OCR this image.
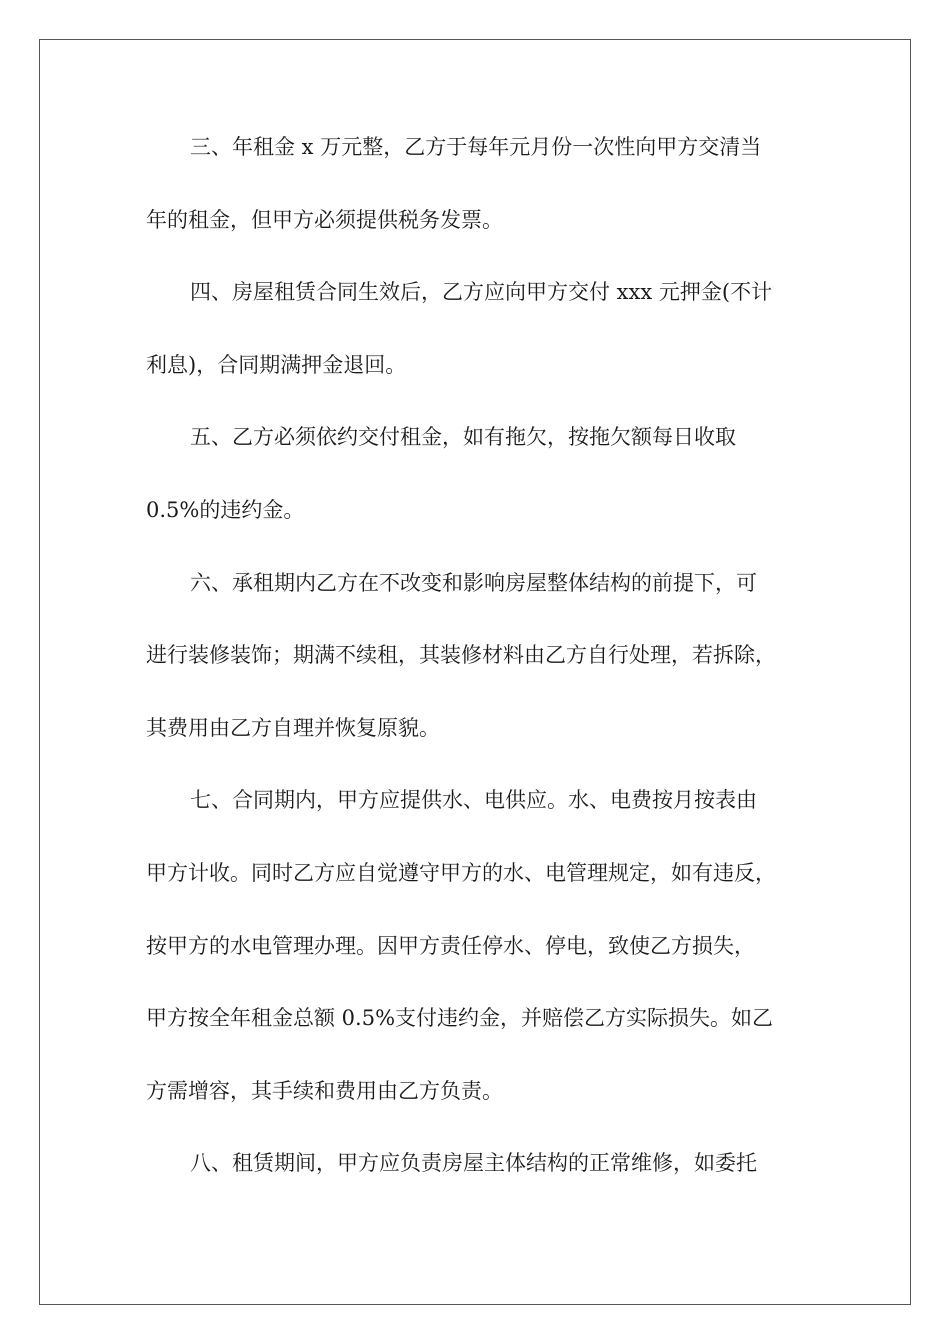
三、年租金 x 万元整，乙方于每年元月份一次性向甲方交清当
年的租金，但甲方必须提供税务发票。
四、房屋租赁合同生效后，乙方应向甲方交付 xxx 元押金(不计
利息)，合同期满押金退回。
五、乙方必须依约交付租金，如有拖欠，按拖欠额每日收取
0.5%的违约金。
六、承租期内乙方在不改变和影响房屋整体结构的前提下，可
进行装修装饰；期满不续租，其装修材料由乙方自行处理，若拆除，
其费用由乙方自理并恢复原貌。
七、合同期内，甲方应提供水、电供应。水、电费按月按表由
甲方计收。同时乙方应自觉遵守甲方的水、电管理规定，如有违反，
按甲方的水电管理办理。因甲方责任停水、停电，致使乙方损失，
甲方按全年租金总额 0.5%支付违约金，并赔偿乙方实际损失。如乙
方需增容，其手续和费用由乙方负责。
八、租赁期间，甲方应负责房屋主体结构的正常维修，如委托
